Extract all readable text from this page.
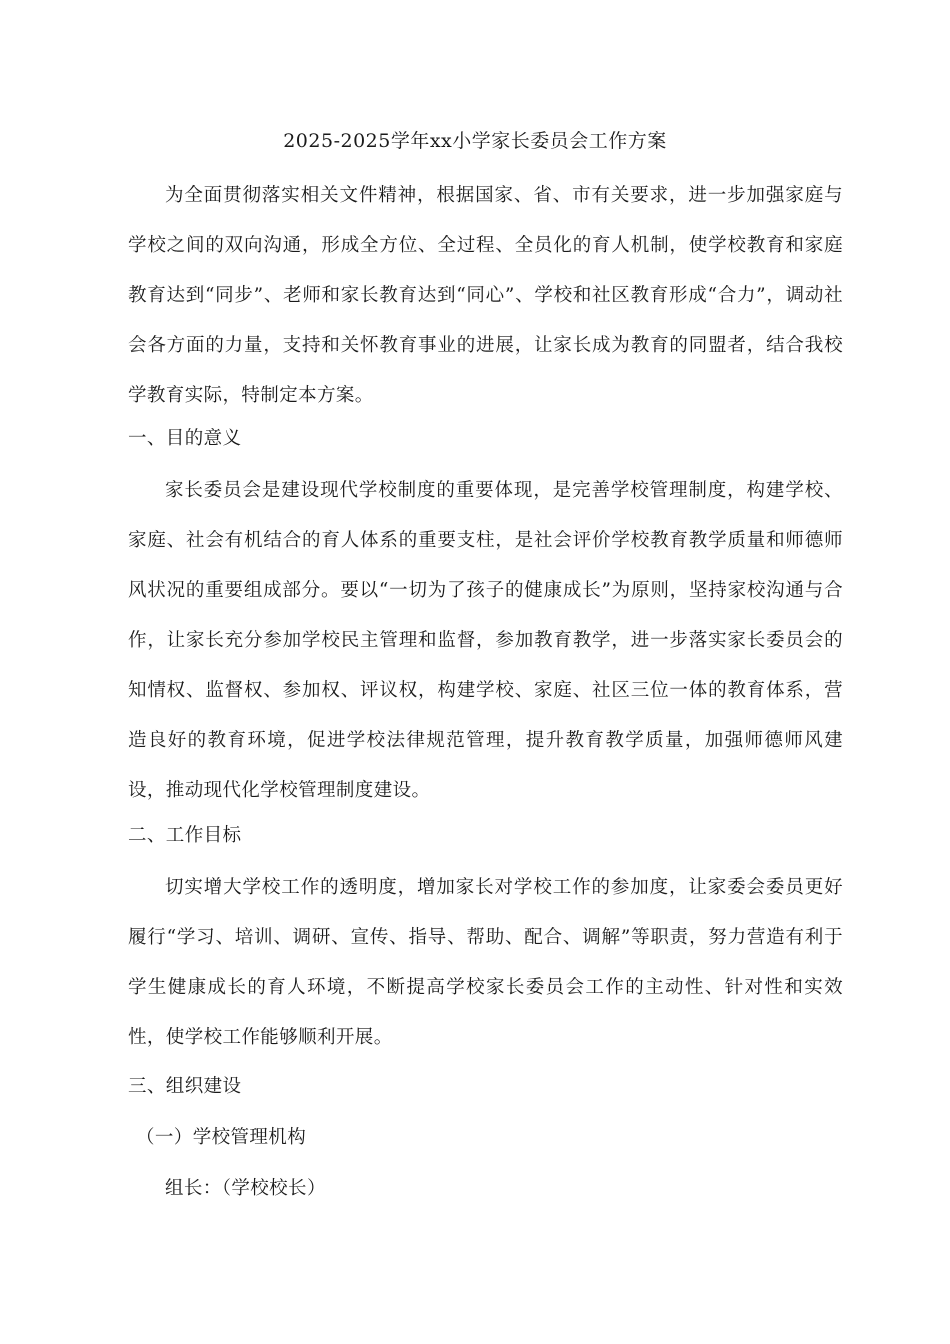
2025-2025学年xx小学家长委员会工作方案

为全面贯彻落实相关文件精神，根据国家、省、市有关要求，进一步加强家庭与学校之间的双向沟通，形成全方位、全过程、全员化的育人机制，使学校教育和家庭教育达到“同步”、老师和家长教育达到“同心”、学校和社区教育形成“合力”，调动社会各方面的力量，支持和关怀教育事业的进展，让家长成为教育的同盟者，结合我校学教育实际，特制定本方案。

一、目的意义

家长委员会是建设现代学校制度的重要体现，是完善学校管理制度，构建学校、家庭、社会有机结合的育人体系的重要支柱，是社会评价学校教育教学质量和师德师风状况的重要组成部分。要以“一切为了孩子的健康成长”为原则，坚持家校沟通与合作，让家长充分参加学校民主管理和监督，参加教育教学，进一步落实家长委员会的知情权、监督权、参加权、评议权，构建学校、家庭、社区三位一体的教育体系，营造良好的教育环境，促进学校法律规范管理，提升教育教学质量，加强师德师风建设，推动现代化学校管理制度建设。

二、工作目标

切实增大学校工作的透明度，增加家长对学校工作的参加度，让家委会委员更好履行“学习、培训、调研、宣传、指导、帮助、配合、调解”等职责，努力营造有利于学生健康成长的育人环境，不断提高学校家长委员会工作的主动性、针对性和实效性，使学校工作能够顺利开展。

三、组织建设
（一）学校管理机构
组长：（学校校长）
